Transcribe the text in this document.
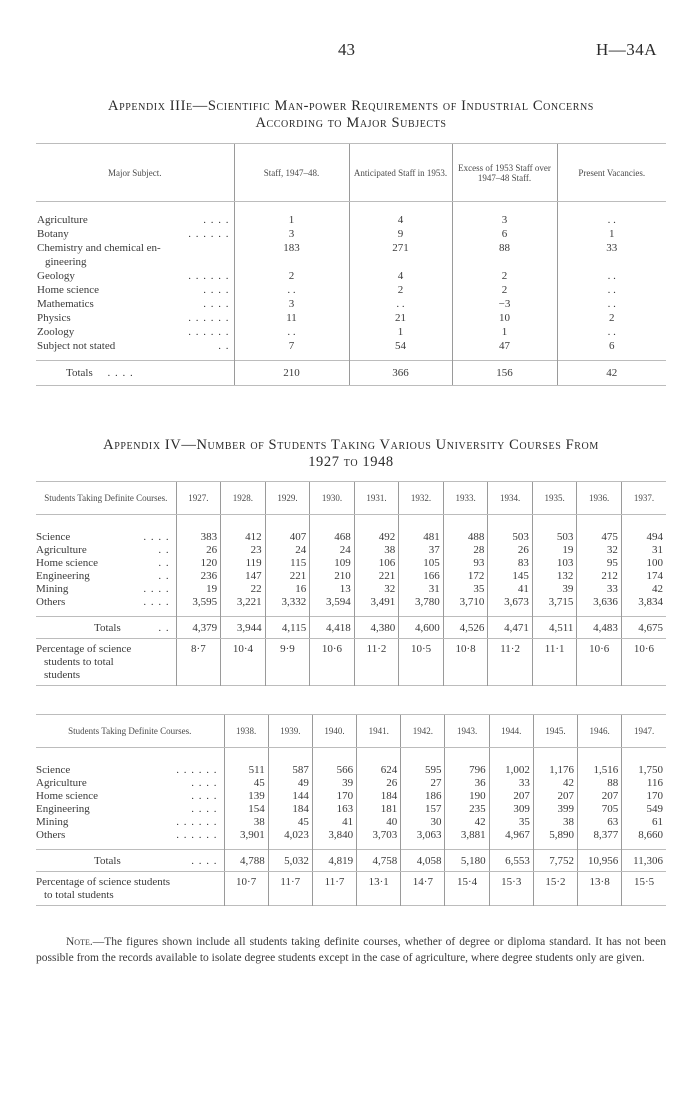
43	H—34A
Appendix IIIe—Scientific Man-power Requirements of Industrial Concerns
According to Major Subjects
Major Subject.	Staff, 1947–48.	Anticipated Staff in 1953.	Excess of 1953 Staff over 1947–48 Staff.	Present Vacancies.

Agriculture . . . .	1	4	3	. .
Botany . . . . . .	3	9	6	1
Chemistry and chemical en-
gineering	183	271	88	33
Geology . . . . . .	2	4	2	. .
Home science . . . .	. .	2	2	. .
Mathematics . . . .	3	. .	−3	. .
Physics . . . . . .	11	21	10	2
Zoology . . . . . .	. .	1	1	. .
Subject not stated . .	7	54	47	6

Totals . . . .	210	366	156	42
Appendix IV—Number of Students Taking Various University Courses From
1927 to 1948
Students Taking Definite Courses.	1927.	1928.	1929.	1930.	1931.	1932.	1933.	1934.	1935.	1936.	1937.

Science . . . .	383	412	407	468	492	481	488	503	503	475	494
Agriculture . .	26	23	24	24	38	37	28	26	19	32	31
Home science . .	120	119	115	109	106	105	93	83	103	95	100
Engineering . .	236	147	221	210	221	166	172	145	132	212	174
Mining . . . .	19	22	16	13	32	31	35	41	39	33	42
Others . . . .	3,595	3,221	3,332	3,594	3,491	3,780	3,710	3,673	3,715	3,636	3,834

Totals . .	4,379	3,944	4,115	4,418	4,380	4,600	4,526	4,471	4,511	4,483	4,675

Percentage of science
students to total
students	8·7	10·4	9·9	10·6	11·2	10·5	10·8	11·2	11·1	10·6	10·6

Students Taking Definite Courses.	1938.	1939.	1940.	1941.	1942.	1943.	1944.	1945.	1946.	1947.

Science . . . . . .	511	587	566	624	595	796	1,002	1,176	1,516	1,750
Agriculture . . . .	45	49	39	26	27	36	33	42	88	116
Home science . . . .	139	144	170	184	186	190	207	207	207	170
Engineering . . . .	154	184	163	181	157	235	309	399	705	549
Mining . . . . . .	38	45	41	40	30	42	35	38	63	61
Others . . . . . .	3,901	4,023	3,840	3,703	3,063	3,881	4,967	5,890	8,377	8,660

Totals . . . .	4,788	5,032	4,819	4,758	4,058	5,180	6,553	7,752	10,956	11,306

Percentage of science students
to total students	10·7	11·7	11·7	13·1	14·7	15·4	15·3	15·2	13·8	15·5

Note.—The figures shown include all students taking definite courses, whether of degree or diploma standard. It has not been possible from the records available to isolate degree students except in the case of agriculture, where degree students only are given.
